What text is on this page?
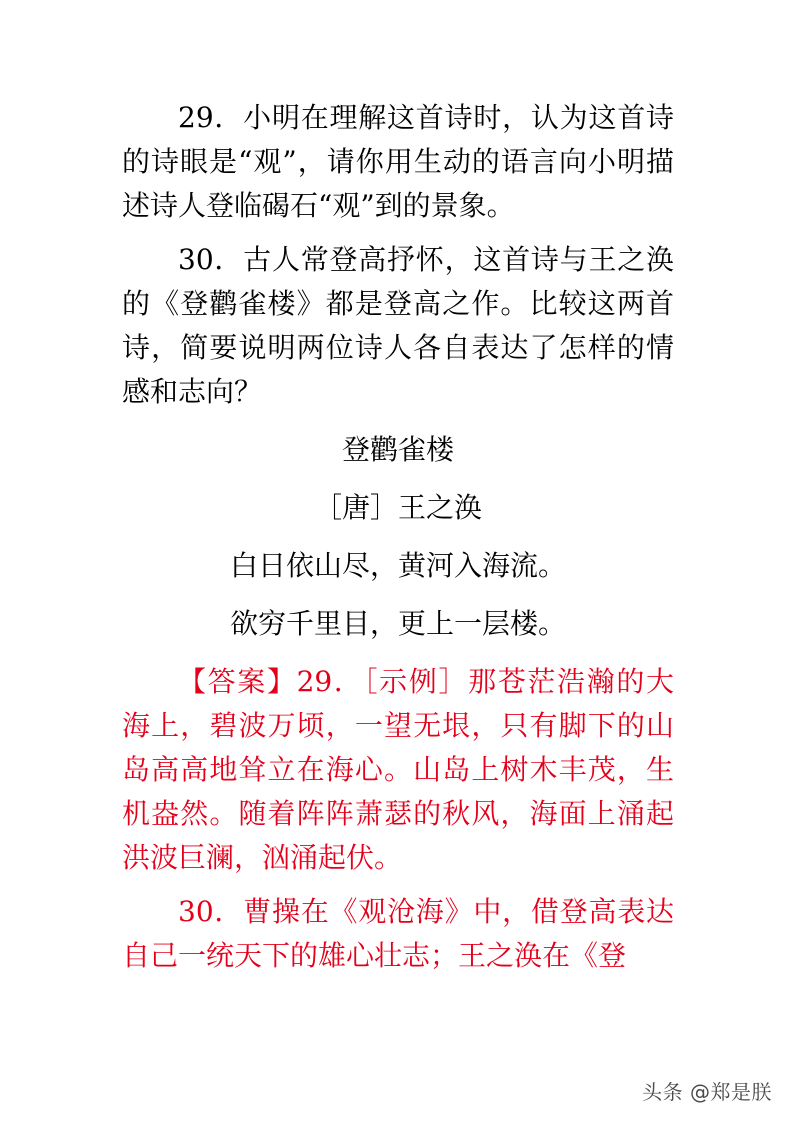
29．小明在理解这首诗时，认为这首诗的诗眼是“观”，请你用生动的语言向小明描述诗人登临碣石“观”到的景象。

30．古人常登高抒怀，这首诗与王之涣的《登鹳雀楼》都是登高之作。比较这两首诗，简要说明两位诗人各自表达了怎样的情感和志向？

登鹳雀楼

［唐］王之涣

白日依山尽，黄河入海流。

欲穷千里目，更上一层楼。

【答案】29．［示例］那苍茫浩瀚的大海上，碧波万顷，一望无垠，只有脚下的山岛高高地耸立在海心。山岛上树木丰茂，生机盎然。随着阵阵萧瑟的秋风，海面上涌起洪波巨澜，汹涌起伏。

30．曹操在《观沧海》中，借登高表达自己一统天下的雄心壮志；王之涣在《登

头条 @郑是朕
